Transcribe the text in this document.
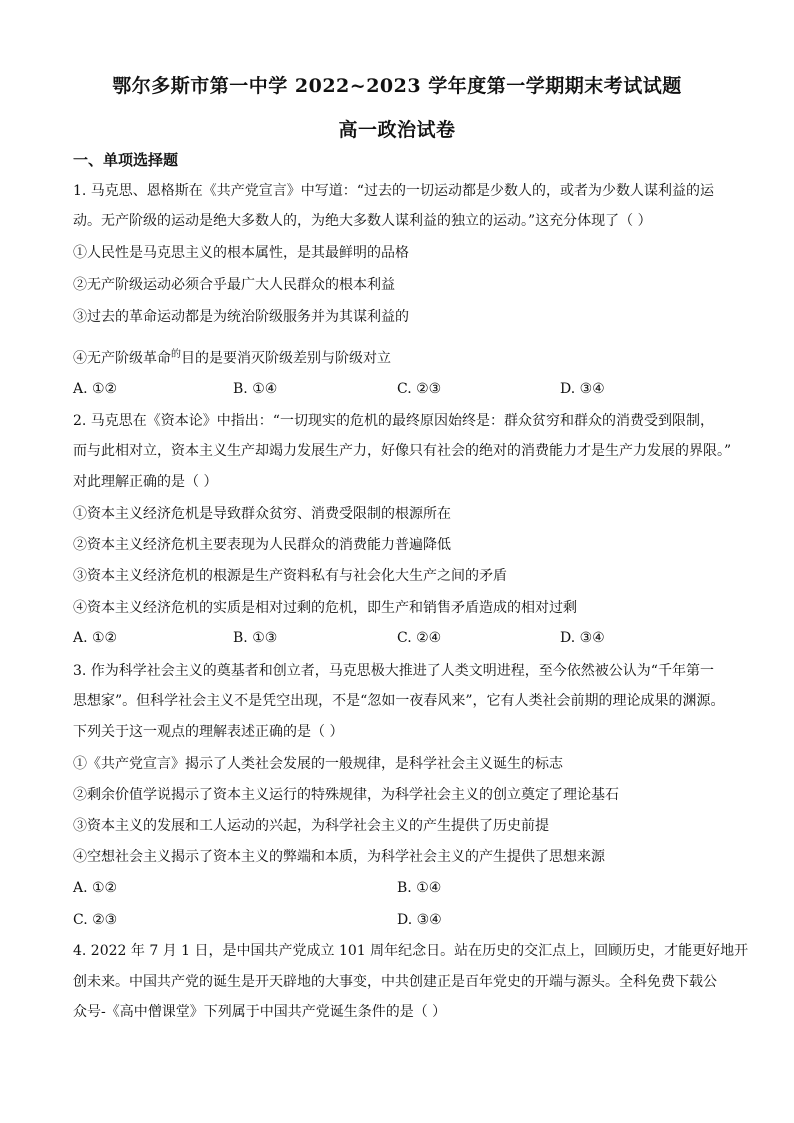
鄂尔多斯市第一中学 2022~2023 学年度第一学期期末考试试题
高一政治试卷
一、单项选择题
1. 马克思、恩格斯在《共产党宣言》中写道：“过去的一切运动都是少数人的，或者为少数人谋利益的运
动。无产阶级的运动是绝大多数人的，为绝大多数人谋利益的独立的运动。”这充分体现了（ ）
①人民性是马克思主义的根本属性，是其最鲜明的品格
②无产阶级运动必须合乎最广大人民群众的根本利益
③过去的革命运动都是为统治阶级服务并为其谋利益的
④无产阶级革命$^的$目的是要消灭阶级差别与阶级对立
A. ①②	B. ①④	C. ②③	D. ③④
2. 马克思在《资本论》中指出：“一切现实的危机的最终原因始终是：群众贫穷和群众的消费受到限制，
而与此相对立，资本主义生产却竭力发展生产力，好像只有社会的绝对的消费能力才是生产力发展的界限。”
对此理解正确的是（ ）
①资本主义经济危机是导致群众贫穷、消费受限制的根源所在
②资本主义经济危机主要表现为人民群众的消费能力普遍降低
③资本主义经济危机的根源是生产资料私有与社会化大生产之间的矛盾
④资本主义经济危机的实质是相对过剩的危机，即生产和销售矛盾造成的相对过剩
A. ①②	B. ①③	C. ②④	D. ③④
3. 作为科学社会主义的奠基者和创立者，马克思极大推进了人类文明进程，至今依然被公认为“千年第一
思想家”。但科学社会主义不是凭空出现，不是“忽如一夜春风来”，它有人类社会前期的理论成果的渊源。
下列关于这一观点的理解表述正确的是（ ）
①《共产党宣言》揭示了人类社会发展的一般规律，是科学社会主义诞生的标志
②剩余价值学说揭示了资本主义运行的特殊规律，为科学社会主义的创立奠定了理论基石
③资本主义的发展和工人运动的兴起，为科学社会主义的产生提供了历史前提
④空想社会主义揭示了资本主义的弊端和本质，为科学社会主义的产生提供了思想来源
A. ①②	B. ①④
C. ②③	D. ③④
4. 2022 年 7 月 1 日，是中国共产党成立 101 周年纪念日。站在历史的交汇点上，回顾历史，才能更好地开
创未来。中国共产党的诞生是开天辟地的大事变，中共创建正是百年党史的开端与源头。全科免费下载公
众号-《高中僧课堂》下列属于中国共产党诞生条件的是（ ）
